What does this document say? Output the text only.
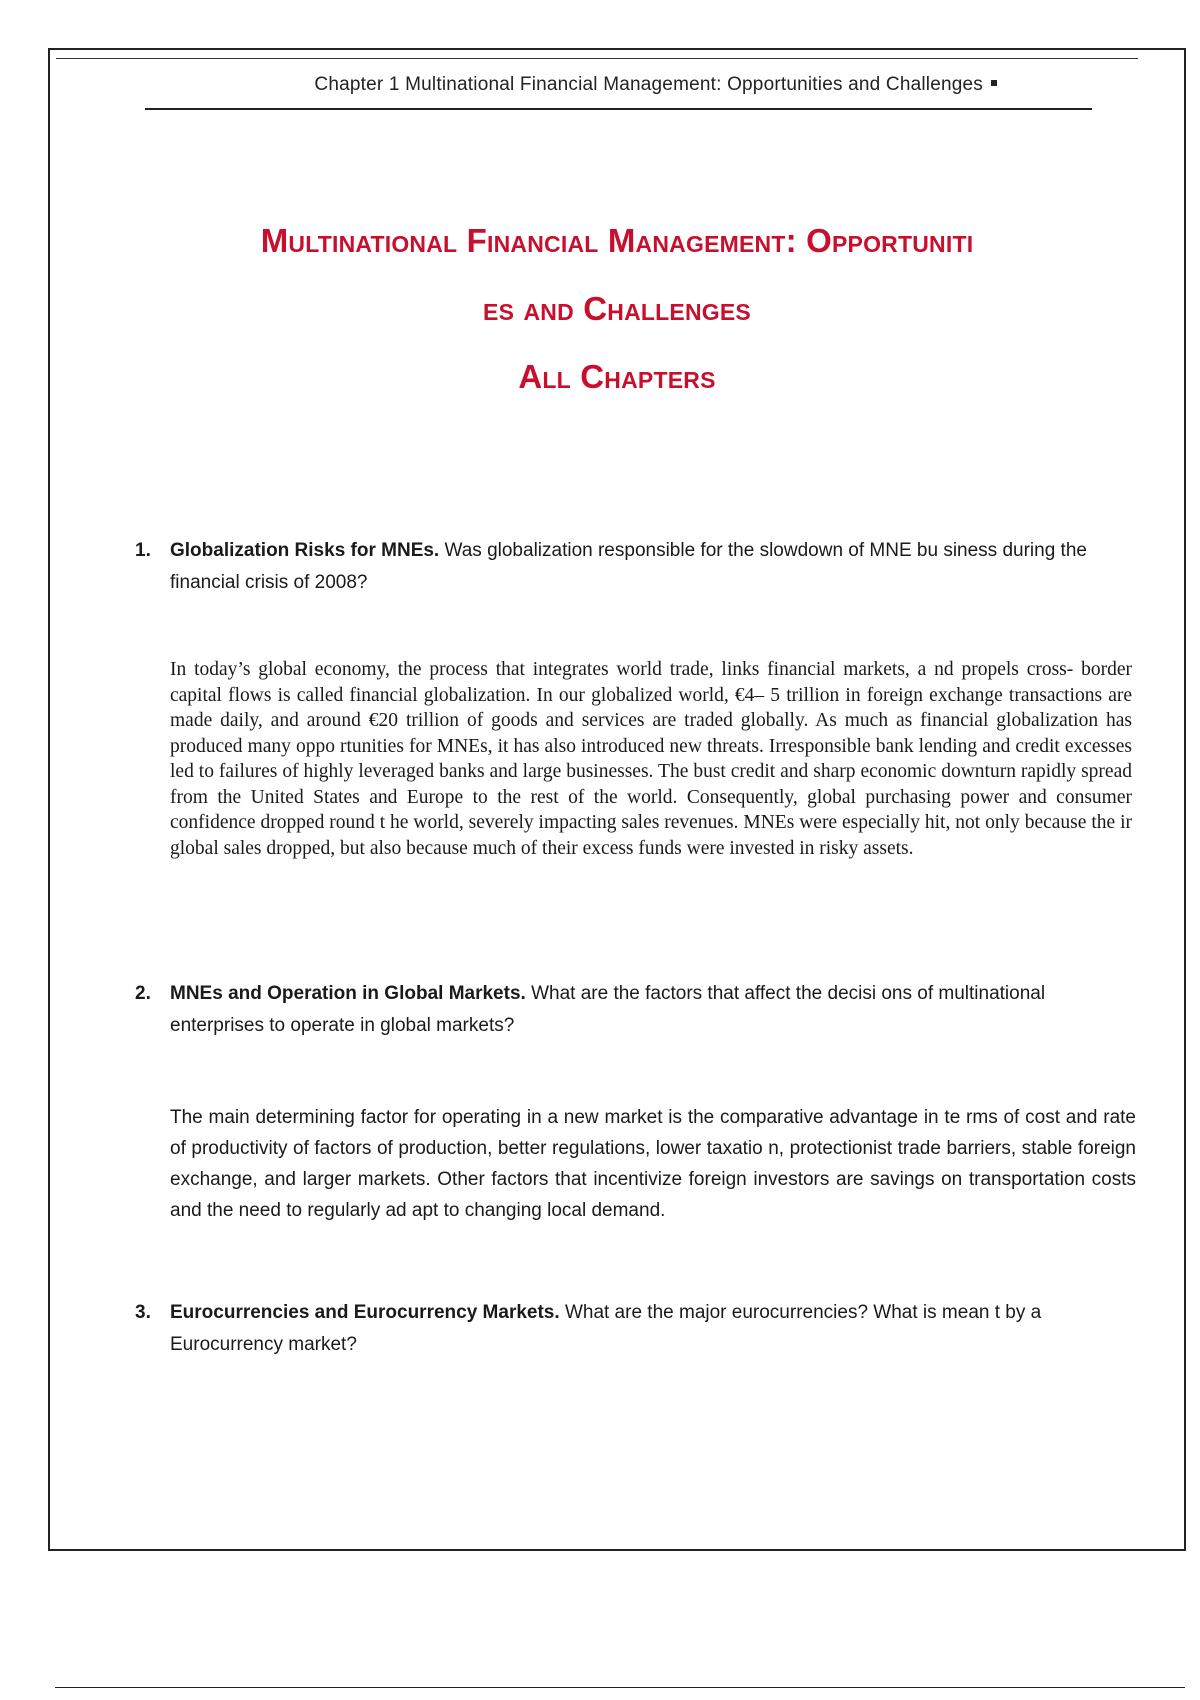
Chapter 1 Multinational Financial Management: Opportunities and Challenges
Multinational Financial Management: Opportuniti
es and Challenges
All Chapters
1. Globalization Risks for MNEs. Was globalization responsible for the slowdown of MNE bu siness during the financial crisis of 2008?
In today’s global economy, the process that integrates world trade, links financial markets, a nd propels cross- border capital flows is called financial globalization. In our globalized world, €4– 5 trillion in foreign exchange transactions are made daily, and around €20 trillion of goods and services are traded globally. As much as financial globalization has produced many oppo rtunities for MNEs, it has also introduced new threats. Irresponsible bank lending and credit excesses led to failures of highly leveraged banks and large businesses. The bust credit and sharp economic downturn rapidly spread from the United States and Europe to the rest of the world. Consequently, global purchasing power and consumer confidence dropped round t he world, severely impacting sales revenues. MNEs were especially hit, not only because the ir global sales dropped, but also because much of their excess funds were invested in risky assets.
2. MNEs and Operation in Global Markets. What are the factors that affect the decisi ons of multinational enterprises to operate in global markets?
The main determining factor for operating in a new market is the comparative advantage in te rms of cost and rate of productivity of factors of production, better regulations, lower taxatio n, protectionist trade barriers, stable foreign exchange, and larger markets. Other factors that incentivize foreign investors are savings on transportation costs and the need to regularly ad apt to changing local demand.
3. Eurocurrencies and Eurocurrency Markets. What are the major eurocurrencies? What is mean t by a Eurocurrency market?
